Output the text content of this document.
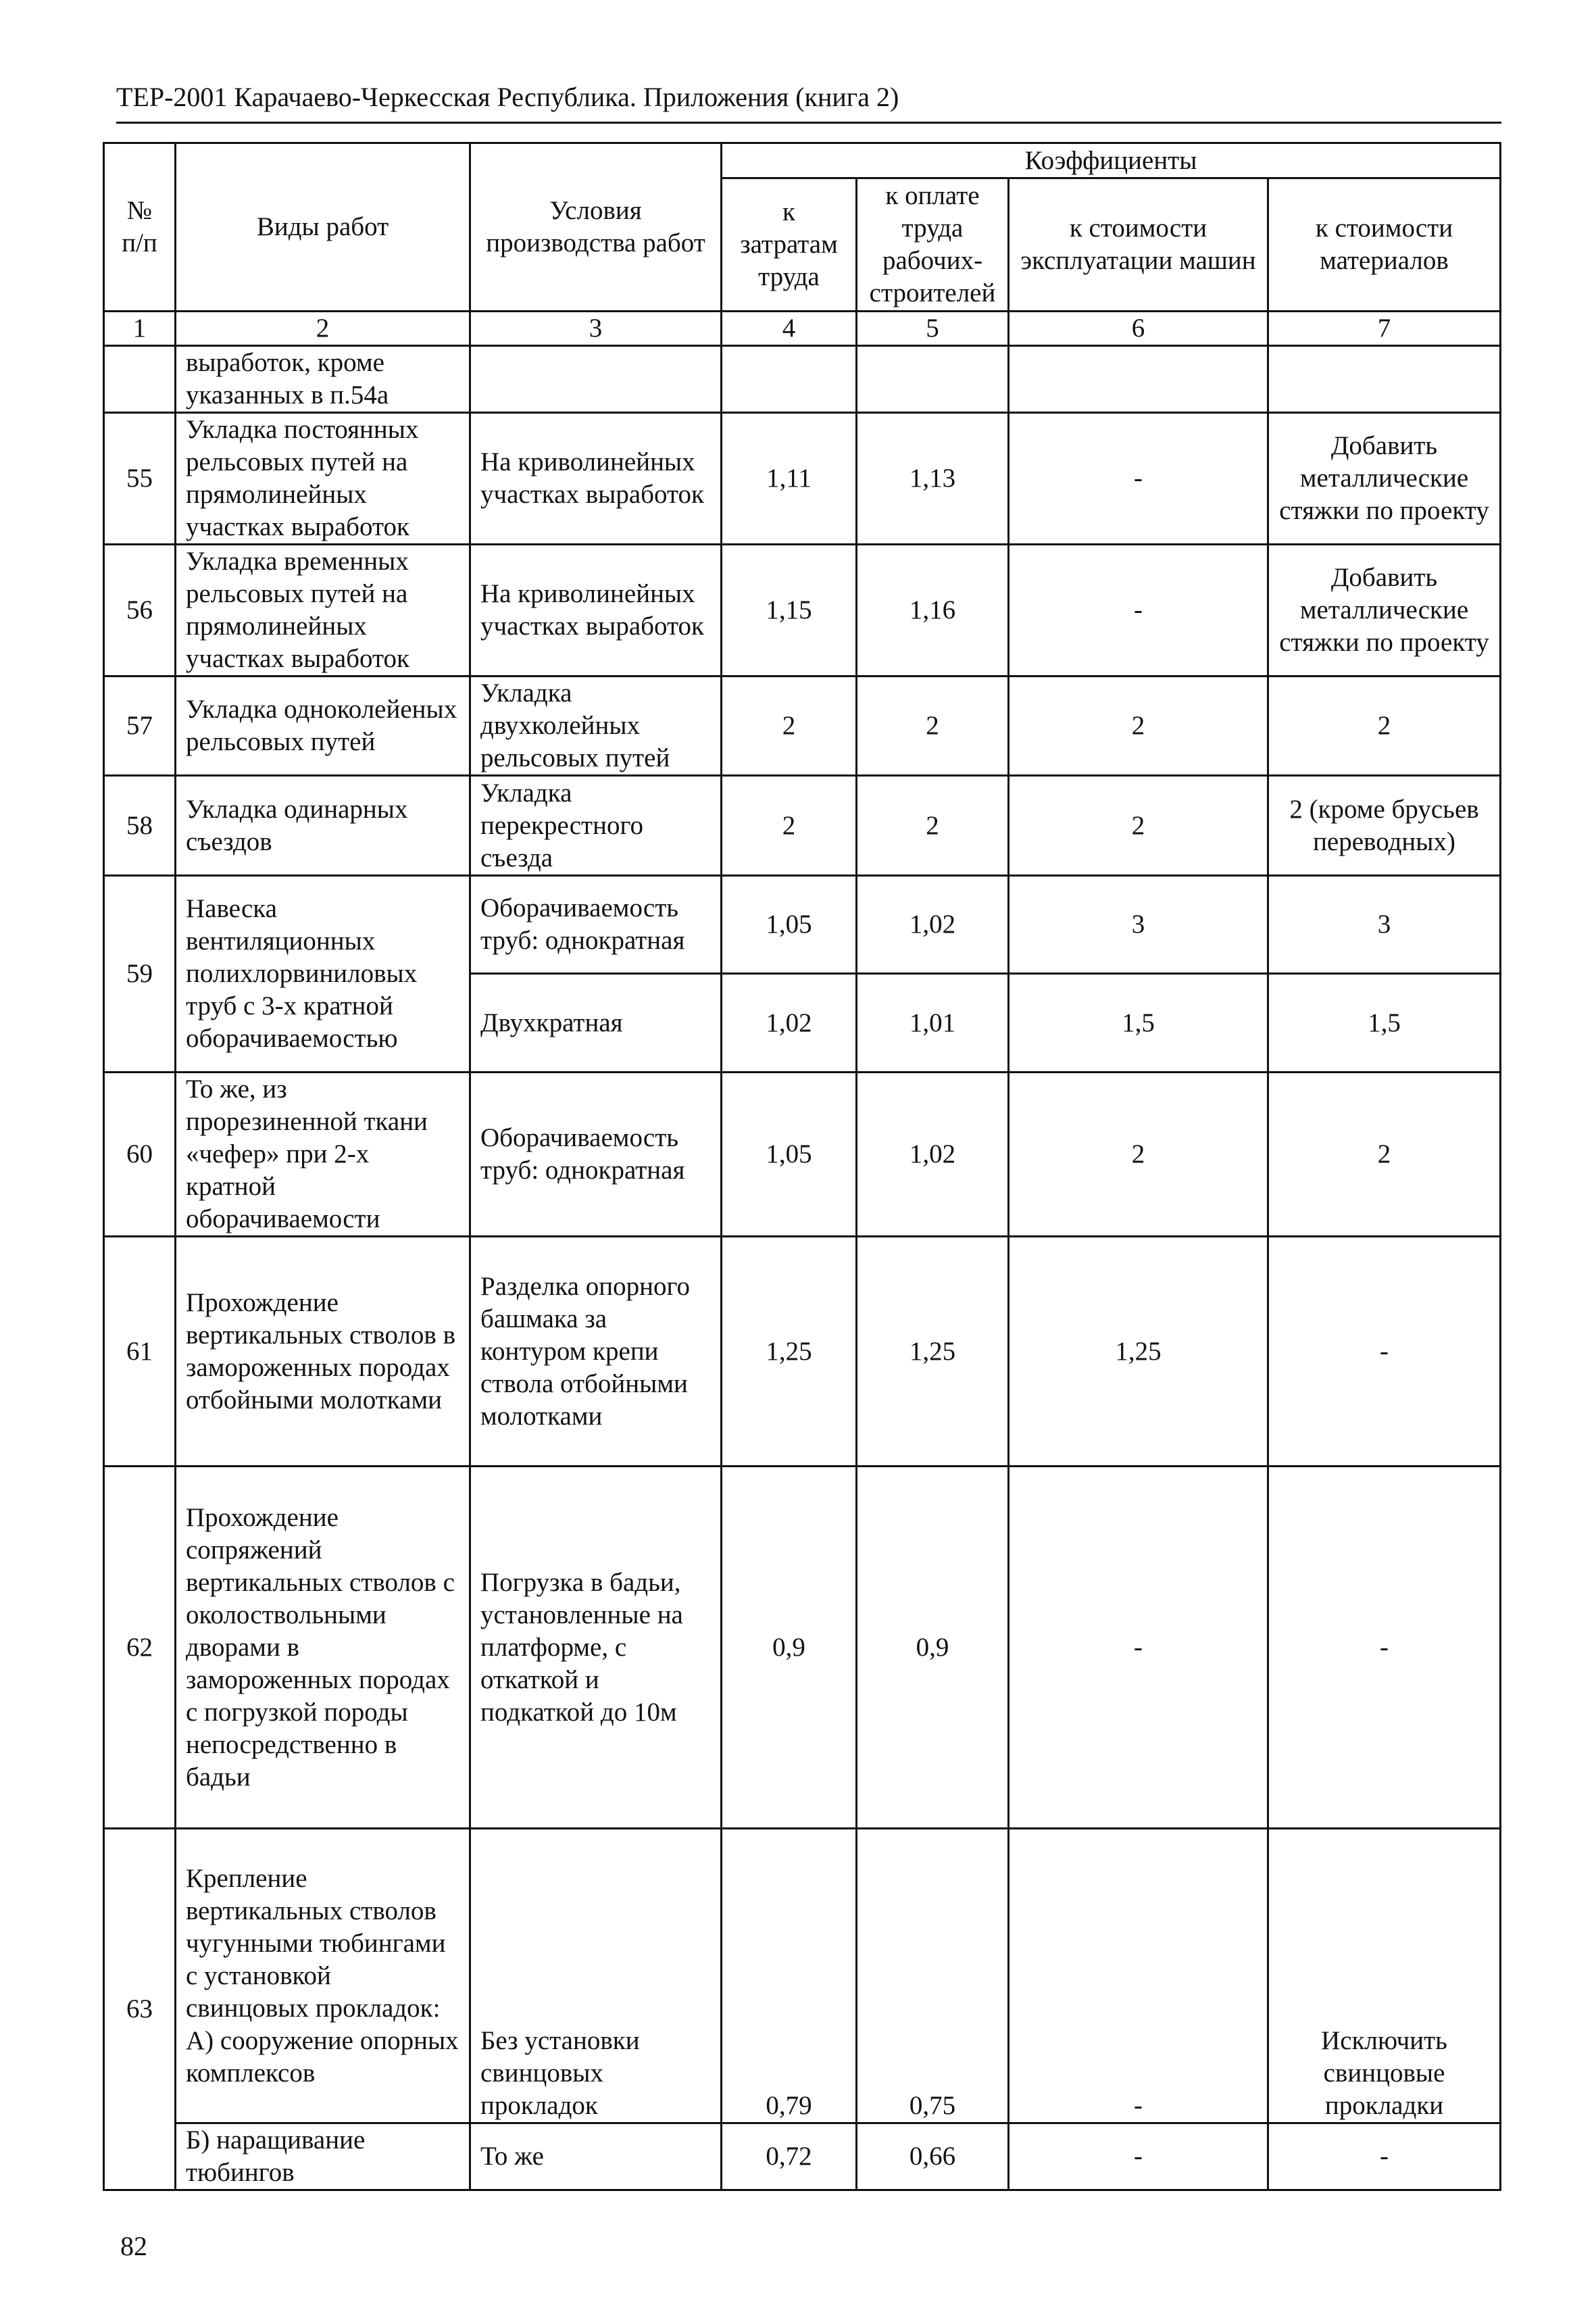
ТЕР-2001 Карачаево-Черкесская Республика. Приложения (книга 2)
№ п/п	Виды работ	Условия производства работ	Коэффициенты			
			к затратам труда	к оплате труда рабочих-строителей	к стоимости эксплуатации машин	к стоимости материалов
1	2	3	4	5	6	7
	выработок, кроме указанных в п.54а					
55	Укладка постоянных рельсовых путей на прямолинейных участках выработок	На криволинейных участках выработок	1,11	1,13	-	Добавить металлические стяжки по проекту
56	Укладка временных рельсовых путей на прямолинейных участках выработок	На криволинейных участках выработок	1,15	1,16	-	Добавить металлические стяжки по проекту
57	Укладка одноколейеных рельсовых путей	Укладка двухколейных рельсовых путей	2	2	2	2
58	Укладка одинарных съездов	Укладка перекрестного съезда	2	2	2	2 (кроме брусьев переводных)
59	Навеска вентиляционных полихлорвиниловых труб с 3-х кратной оборачиваемостью	Оборачиваемость труб: однократная	1,05	1,02	3	3
		Двухкратная	1,02	1,01	1,5	1,5
60	То же, из прорезиненной ткани «чефер» при 2-х кратной оборачиваемости	Оборачиваемость труб: однократная	1,05	1,02	2	2
61	Прохождение вертикальных стволов в замороженных породах отбойными молотками	Разделка опорного башмака за контуром крепи ствола отбойными молотками	1,25	1,25	1,25	-
62	Прохождение сопряжений вертикальных стволов с околоствольными дворами в замороженных породах с погрузкой породы непосредственно в бадьи	Погрузка в бадьи, установленные на платформе, с откаткой и подкаткой до 10м	0,9	0,9	-	-
63	Крепление вертикальных стволов чугунными тюбингами с установкой свинцовых прокладок: А) сооружение опорных комплексов	Без установки свинцовых прокладок	0,79	0,75	-	Исключить свинцовые прокладки
	Б) наращивание тюбингов	То же	0,72	0,66	-	-
82
